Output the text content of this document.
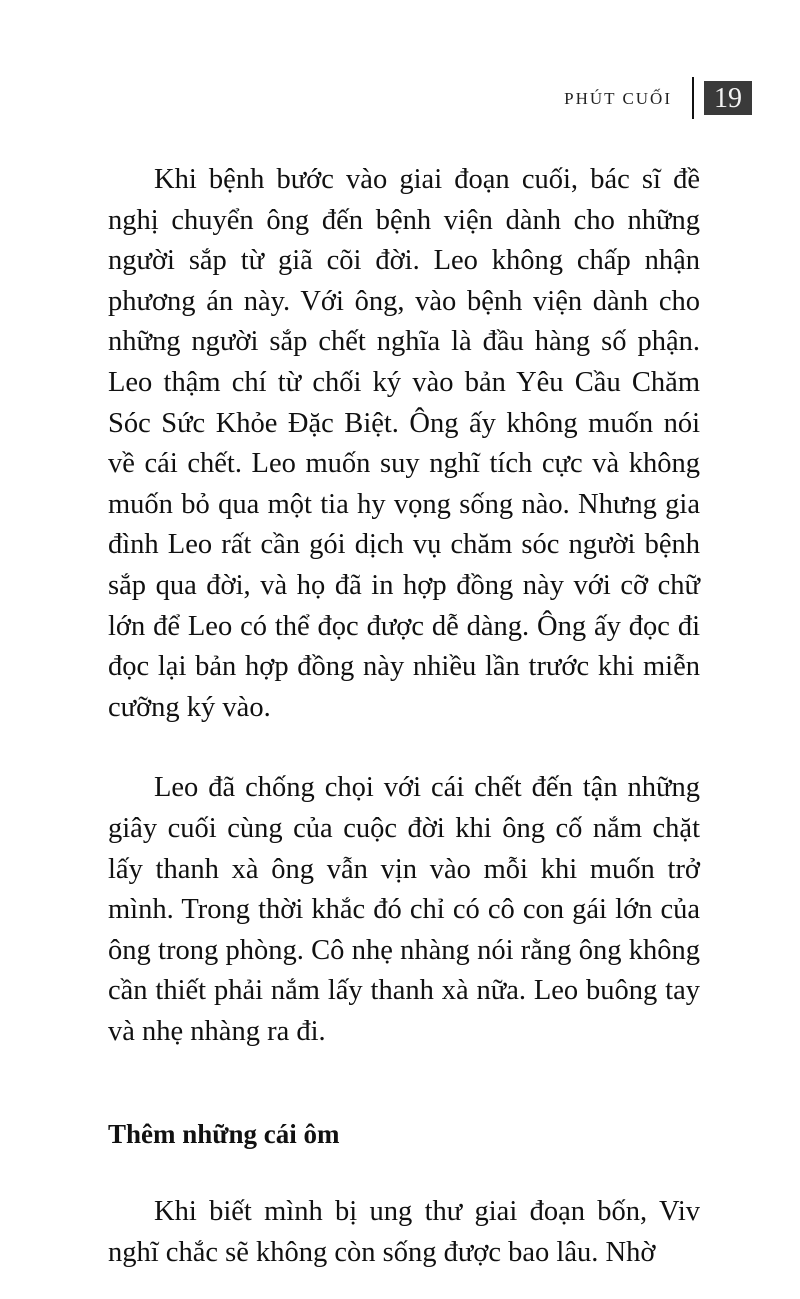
PHÚT CUỐI	19

Khi bệnh bước vào giai đoạn cuối, bác sĩ đề nghị chuyển ông đến bệnh viện dành cho những người sắp từ giã cõi đời. Leo không chấp nhận phương án này. Với ông, vào bệnh viện dành cho những người sắp chết nghĩa là đầu hàng số phận. Leo thậm chí từ chối ký vào bản Yêu Cầu Chăm Sóc Sức Khỏe Đặc Biệt. Ông ấy không muốn nói về cái chết. Leo muốn suy nghĩ tích cực và không muốn bỏ qua một tia hy vọng sống nào. Nhưng gia đình Leo rất cần gói dịch vụ chăm sóc người bệnh sắp qua đời, và họ đã in hợp đồng này với cỡ chữ lớn để Leo có thể đọc được dễ dàng. Ông ấy đọc đi đọc lại bản hợp đồng này nhiều lần trước khi miễn cưỡng ký vào.

Leo đã chống chọi với cái chết đến tận những giây cuối cùng của cuộc đời khi ông cố nắm chặt lấy thanh xà ông vẫn vịn vào mỗi khi muốn trở mình. Trong thời khắc đó chỉ có cô con gái lớn của ông trong phòng. Cô nhẹ nhàng nói rằng ông không cần thiết phải nắm lấy thanh xà nữa. Leo buông tay và nhẹ nhàng ra đi.

Thêm những cái ôm

Khi biết mình bị ung thư giai đoạn bốn, Viv nghĩ chắc sẽ không còn sống được bao lâu. Nhờ
